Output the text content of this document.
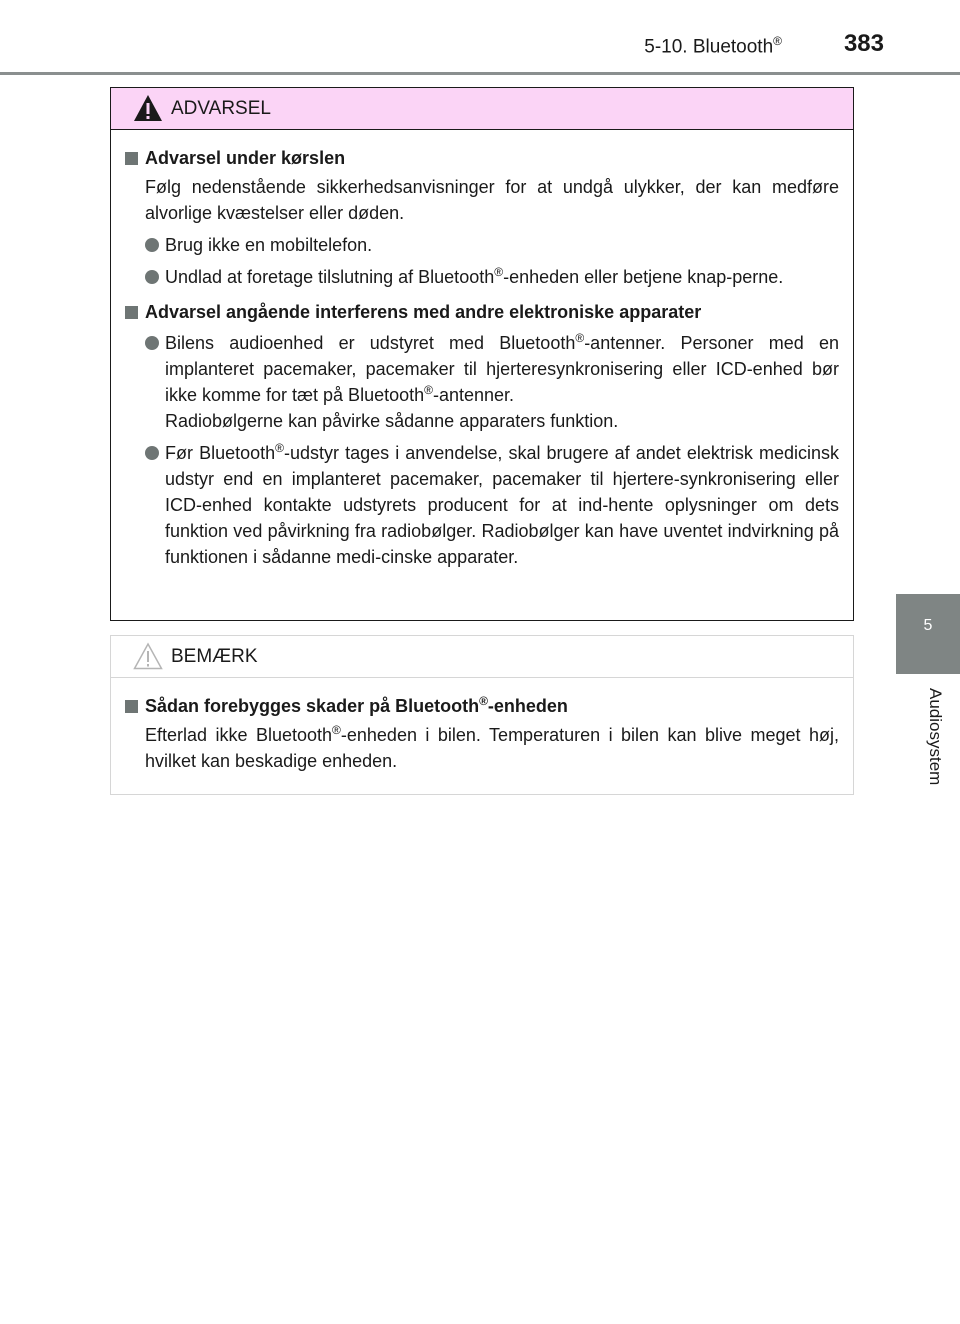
5-10. Bluetooth®	383
5
Audiosystem
ADVARSEL
Advarsel under kørslen
Følg nedenstående sikkerhedsanvisninger for at undgå ulykker, der kan medføre alvorlige kvæstelser eller døden.
Brug ikke en mobiltelefon.
Undlad at foretage tilslutning af Bluetooth®-enheden eller betjene knap-perne.
Advarsel angående interferens med andre elektroniske apparater
Bilens audioenhed er udstyret med Bluetooth®-antenner. Personer med en implanteret pacemaker, pacemaker til hjerteresynkronisering eller ICD-enhed bør ikke komme for tæt på Bluetooth®-antenner.
Radiobølgerne kan påvirke sådanne apparaters funktion.
Før Bluetooth®-udstyr tages i anvendelse, skal brugere af andet elektrisk medicinsk udstyr end en implanteret pacemaker, pacemaker til hjertere-synkronisering eller ICD-enhed kontakte udstyrets producent for at ind-hente oplysninger om dets funktion ved påvirkning fra radiobølger. Radiobølger kan have uventet indvirkning på funktionen i sådanne medi-cinske apparater.
BEMÆRK
Sådan forebygges skader på Bluetooth®-enheden
Efterlad ikke Bluetooth®-enheden i bilen. Temperaturen i bilen kan blive meget høj, hvilket kan beskadige enheden.
